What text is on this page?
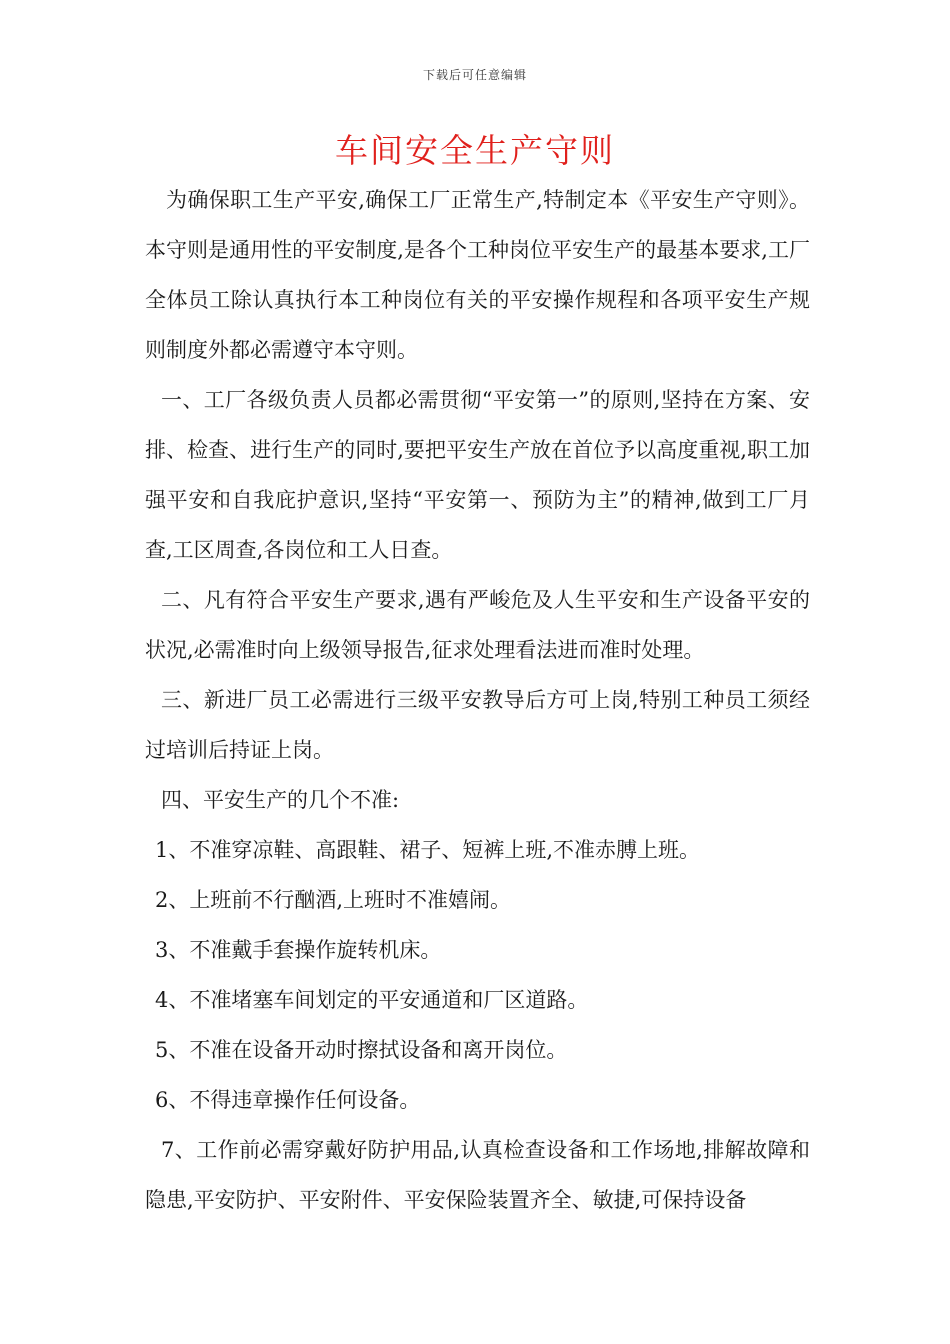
下载后可任意编辑
车间安全生产守则

为确保职工生产平安,确保工厂正常生产,特制定本《平安生产守则》。本守则是通用性的平安制度,是各个工种岗位平安生产的最基本要求,工厂全体员工除认真执行本工种岗位有关的平安操作规程和各项平安生产规则制度外都必需遵守本守则。

一、工厂各级负责人员都必需贯彻“平安第一”的原则,坚持在方案、安排、检查、进行生产的同时,要把平安生产放在首位予以高度重视,职工加强平安和自我庇护意识,坚持“平安第一、预防为主”的精神,做到工厂月查,工区周查,各岗位和工人日查。

二、凡有符合平安生产要求,遇有严峻危及人生平安和生产设备平安的状况,必需准时向上级领导报告,征求处理看法进而准时处理。

三、新进厂员工必需进行三级平安教导后方可上岗,特别工种员工须经过培训后持证上岗。

四、平安生产的几个不准:

1、不准穿凉鞋、高跟鞋、裙子、短裤上班,不准赤膊上班。

2、上班前不行酗酒,上班时不准嬉闹。

3、不准戴手套操作旋转机床。

4、不准堵塞车间划定的平安通道和厂区道路。

5、不准在设备开动时擦拭设备和离开岗位。

6、不得违章操作任何设备。

7、工作前必需穿戴好防护用品,认真检查设备和工作场地,排解故障和隐患,平安防护、平安附件、平安保险装置齐全、敏捷,可保持设备
